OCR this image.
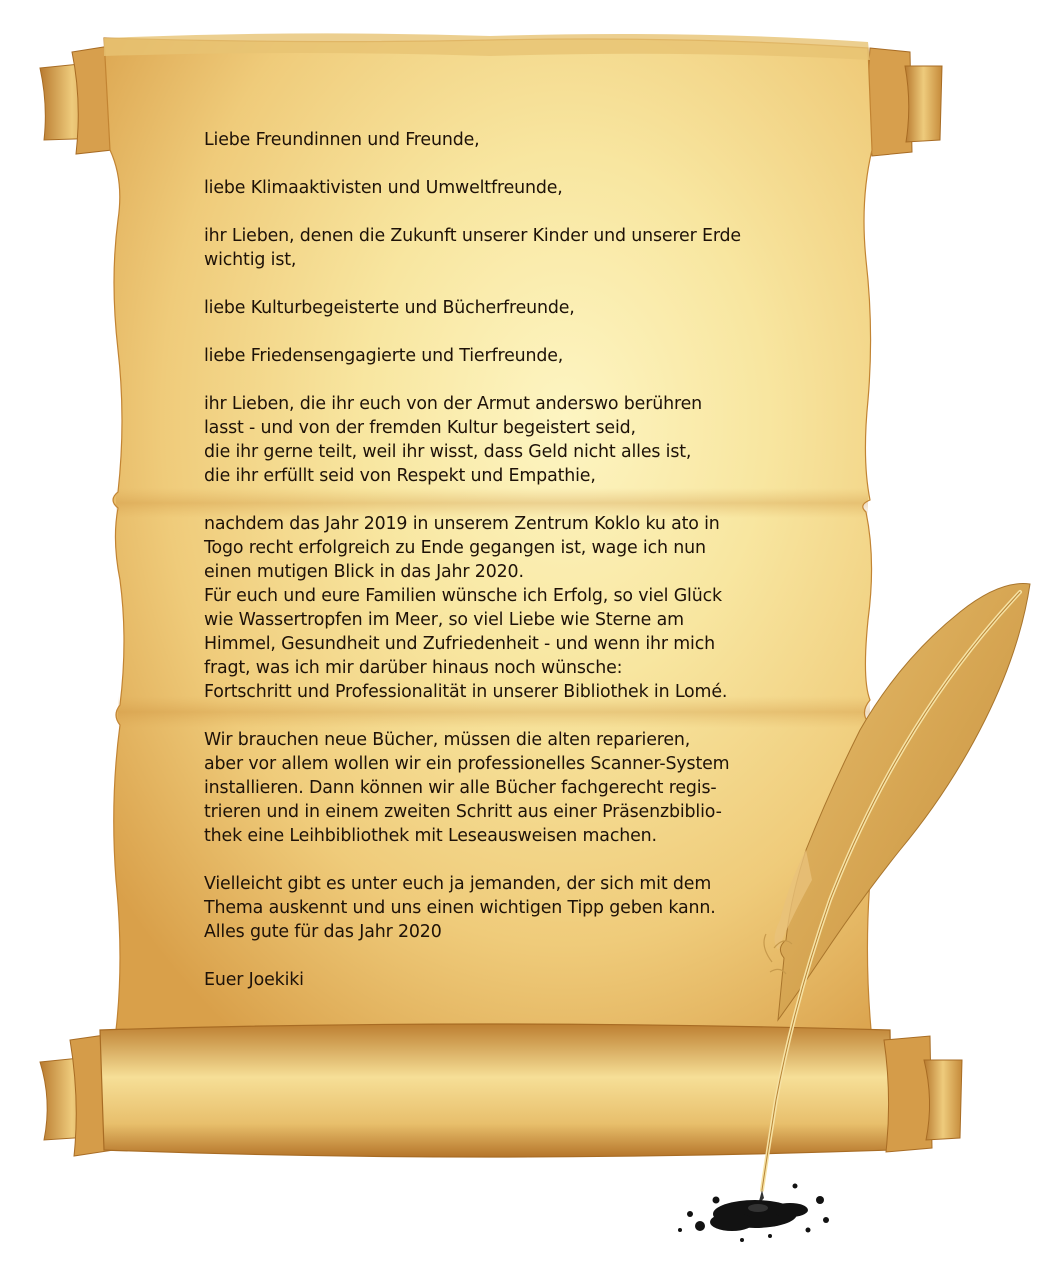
Liebe Freundinnen und Freunde,
liebe Klimaaktivisten und Umweltfreunde,
ihr Lieben, denen die Zukunft unserer Kinder und unserer Erde
wichtig ist,
liebe Kulturbegeisterte und Bücherfreunde,
liebe Friedensengagierte und Tierfreunde,
ihr Lieben, die ihr euch von der Armut anderswo berühren
lasst - und von der fremden Kultur begeistert seid,
die ihr gerne teilt, weil ihr wisst, dass Geld nicht alles ist,
die ihr erfüllt seid von Respekt und Empathie,
nachdem das Jahr 2019 in unserem Zentrum Koklo ku ato in
Togo recht erfolgreich zu Ende gegangen ist, wage ich nun
einen mutigen Blick in das Jahr 2020.
Für euch und eure Familien wünsche ich Erfolg, so viel Glück
wie Wassertropfen im Meer, so viel Liebe wie Sterne am
Himmel, Gesundheit und Zufriedenheit - und wenn ihr mich
fragt, was ich mir darüber hinaus noch wünsche:
Fortschritt und Professionalität in unserer Bibliothek in Lomé.
Wir brauchen neue Bücher, müssen die alten reparieren,
aber vor allem wollen wir ein professionelles Scanner-System
installieren. Dann können wir alle Bücher fachgerecht regis-
trieren und in einem zweiten Schritt aus einer Präsenzbiblio-
thek eine Leihbibliothek mit Leseausweisen machen.
Vielleicht gibt es unter euch ja jemanden, der sich mit dem
Thema auskennt und uns einen wichtigen Tipp geben kann.
Alles gute für das Jahr 2020
Euer Joekiki
